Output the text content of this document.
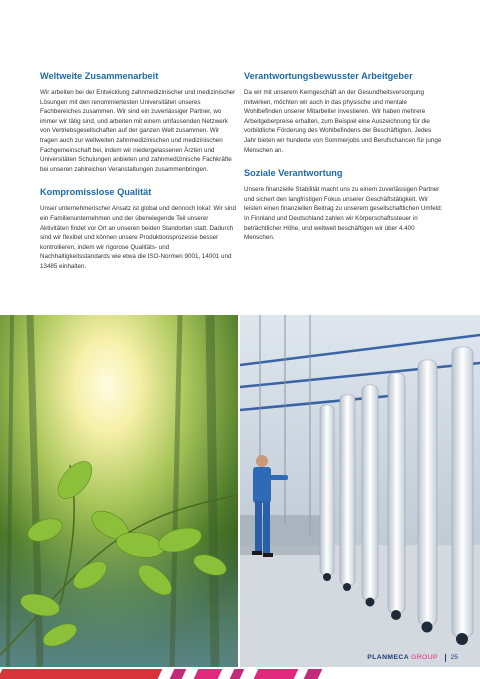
Weltweite Zusammenarbeit

Wir arbeiten bei der Entwicklung zahnmedizinischer und medizinischer Lösungen mit den renommiertesten Universitäten unseres Fachbereiches zusammen. Wir sind ein zuverlässiger Partner, wo immer wir tätig sind, und arbeiten mit einem umfassenden Netzwerk von Vertriebsgesellschaften auf der ganzen Welt zusammen. Wir tragen auch zur weltweiten zahnmedizinischen und medizinischen Fachgemeinschaft bei, indem wir niedergelassenen Ärzten und Universitäten Schulungen anbieten und zahnmedizinische Fachkräfte bei unseren zahlreichen Veranstaltungen zusammenbringen.

Kompromisslose Qualität

Unser unternehmerischer Ansatz ist global und dennoch lokal: Wir sind ein Familienunternehmen und der überwiegende Teil unserer Aktivitäten findet vor Ort an unseren beiden Standorten statt. Dadurch sind wir flexibel und können unsere Produktionsprozesse besser kontrollieren, indem wir rigorose Qualitäts- und Nachhaltigkeitsstandards wie etwa die ISO-Normen 9001, 14001 und 13485 einhalten.

Verantwortungsbewusster Arbeitgeber

Da wir mit unserem Kerngeschäft an der Gesundheitsversorgung mitwirken, möchten wir auch in das physische und mentale Wohlbefinden unserer Mitarbeiter investieren. Wir haben mehrere Arbeitgeberpreise erhalten, zum Beispiel eine Auszeichnung für die vorbildliche Förderung des Wohlbefindens der Beschäftigten. Jedes Jahr bieten wir hunderte von Sommerjobs und Berufschancen für junge Menschen an.

Soziale Verantwortung

Unsere finanzielle Stabilität macht uns zu einem zuverlässigen Partner und sichert den langfristigen Fokus unserer Geschäftstätigkeit. Wir leisten einen finanziellen Beitrag zu unserem gesellschaftlichen Umfeld: In Finnland und Deutschland zahlen wir Körperschaftssteuer in beträchtlicher Höhe, und weltweit beschäftigen wir über 4.400 Menschen.

PLANMECA GROUP	25
